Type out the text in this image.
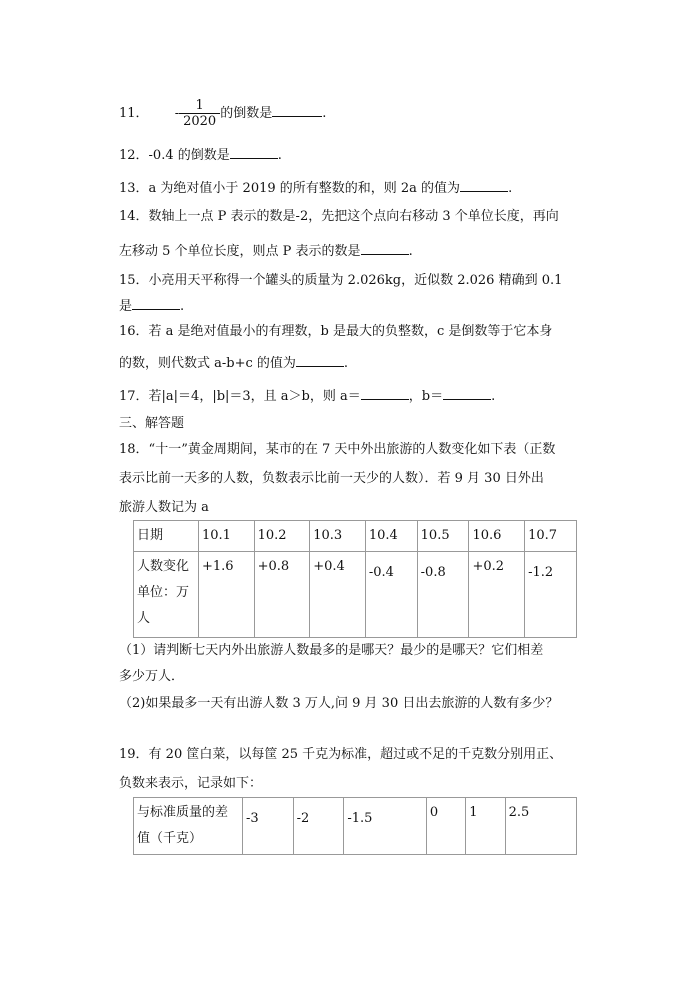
11． - $\frac{1}{2020}$ 的倒数是	.
12．-0.4 的倒数是	.
13．a 为绝对值小于 2019 的所有整数的和，则 2a 的值为	.
14．数轴上一点 P 表示的数是-2，先把这个点向右移动 3 个单位长度，再向
左移动 5 个单位长度，则点 P 表示的数是	.
15．小亮用天平称得一个罐头的质量为 2.026kg，近似数 2.026 精确到 0.1
是	.
16．若 a 是绝对值最小的有理数，b 是最大的负整数，c 是倒数等于它本身
的数，则代数式 a-b+c 的值为	.
17．若|a|＝4，|b|＝3，且 a＞b，则 a＝	，b＝	.
三、解答题
18．“十一”黄金周期间，某市的在 7 天中外出旅游的人数变化如下表（正数
表示比前一天多的人数，负数表示比前一天少的人数）．若 9 月 30 日外出
旅游人数记为 a
日期	10.1	10.2	10.3	10.4	10.5	10.6	10.7
人数变化单位：万人	+1.6	+0.8	+0.4	-0.4	-0.8	+0.2	-1.2
（1）请判断七天内外出旅游人数最多的是哪天？最少的是哪天？它们相差
多少万人．
（2)如果最多一天有出游人数 3 万人,问 9 月 30 日出去旅游的人数有多少？
19．有 20 筐白菜，以每筐 25 千克为标准，超过或不足的千克数分别用正、
负数来表示，记录如下：
与标准质量的差值（千克）	-3	-2	-1.5	0	1	2.5
